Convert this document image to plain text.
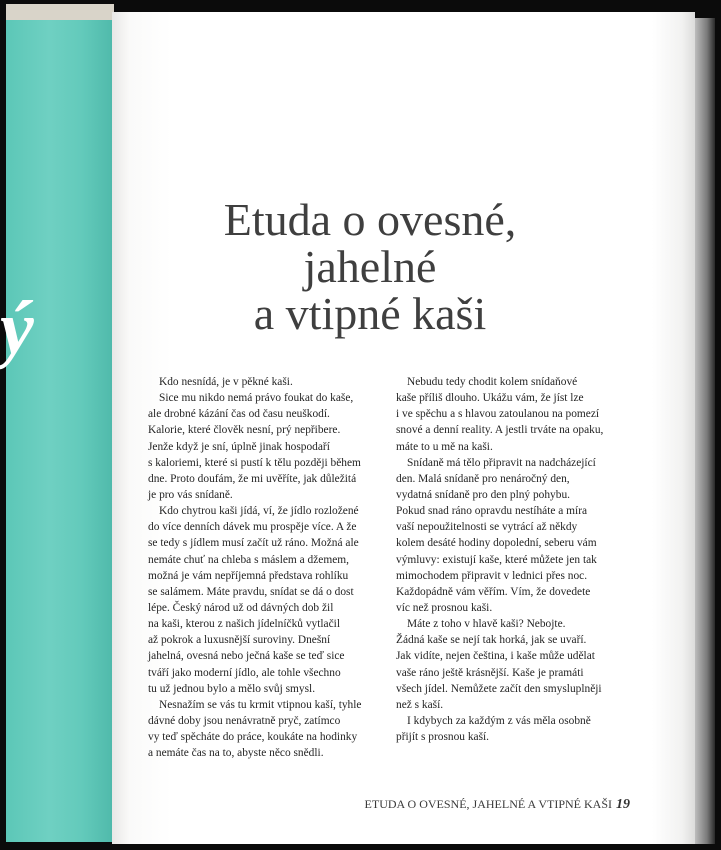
ý
Etuda o ovesné,
jahelné
a vtipné kaši
Kdo nesnídá, je v pěkné kaši.
Sice mu nikdo nemá právo foukat do kaše,
ale drobné kázání čas od času neuškodí.
Kalorie, které člověk nesní, prý nepřibere.
Jenže když je sní, úplně jinak hospodaří
s kaloriemi, které si pustí k tělu později během
dne. Proto doufám, že mi uvěříte, jak důležitá
je pro vás snídaně.
Kdo chytrou kaši jídá, ví, že jídlo rozložené
do více denních dávek mu prospěje více. A že
se tedy s jídlem musí začít už ráno. Možná ale
nemáte chuť na chleba s máslem a džemem,
možná je vám nepříjemná představa rohlíku
se salámem. Máte pravdu, snídat se dá o dost
lépe. Český národ už od dávných dob žil
na kaši, kterou z našich jídelníčků vytlačil
až pokrok a luxusnější suroviny. Dnešní
jahelná, ovesná nebo ječná kaše se teď sice
tváří jako moderní jídlo, ale tohle všechno
tu už jednou bylo a mělo svůj smysl.
Nesnažím se vás tu krmit vtipnou kaší, tyhle
dávné doby jsou nenávratně pryč, zatímco
vy teď spěcháte do práce, koukáte na hodinky
a nemáte čas na to, abyste něco snědli.
Nebudu tedy chodit kolem snídaňové
kaše příliš dlouho. Ukážu vám, že jíst lze
i ve spěchu a s hlavou zatoulanou na pomezí
snové a denní reality. A jestli trváte na opaku,
máte to u mě na kaši.
Snídaně má tělo připravit na nadcházející
den. Malá snídaně pro nenáročný den,
vydatná snídaně pro den plný pohybu.
Pokud snad ráno opravdu nestíháte a míra
vaší nepoužitelnosti se vytrácí až někdy
kolem desáté hodiny dopolední, seberu vám
výmluvy: existují kaše, které můžete jen tak
mimochodem připravit v lednici přes noc.
Každopádně vám věřím. Vím, že dovedete
víc než prosnou kaši.
Máte z toho v hlavě kaši? Nebojte.
Žádná kaše se nejí tak horká, jak se uvaří.
Jak vidíte, nejen čeština, i kaše může udělat
vaše ráno ještě krásnější. Kaše je pramáti
všech jídel. Nemůžete začít den smysluplněji
než s kaší.
I kdybych za každým z vás měla osobně
přijít s prosnou kaší.
ETUDA O OVESNÉ, JAHELNÉ A VTIPNÉ KAŠI 19
